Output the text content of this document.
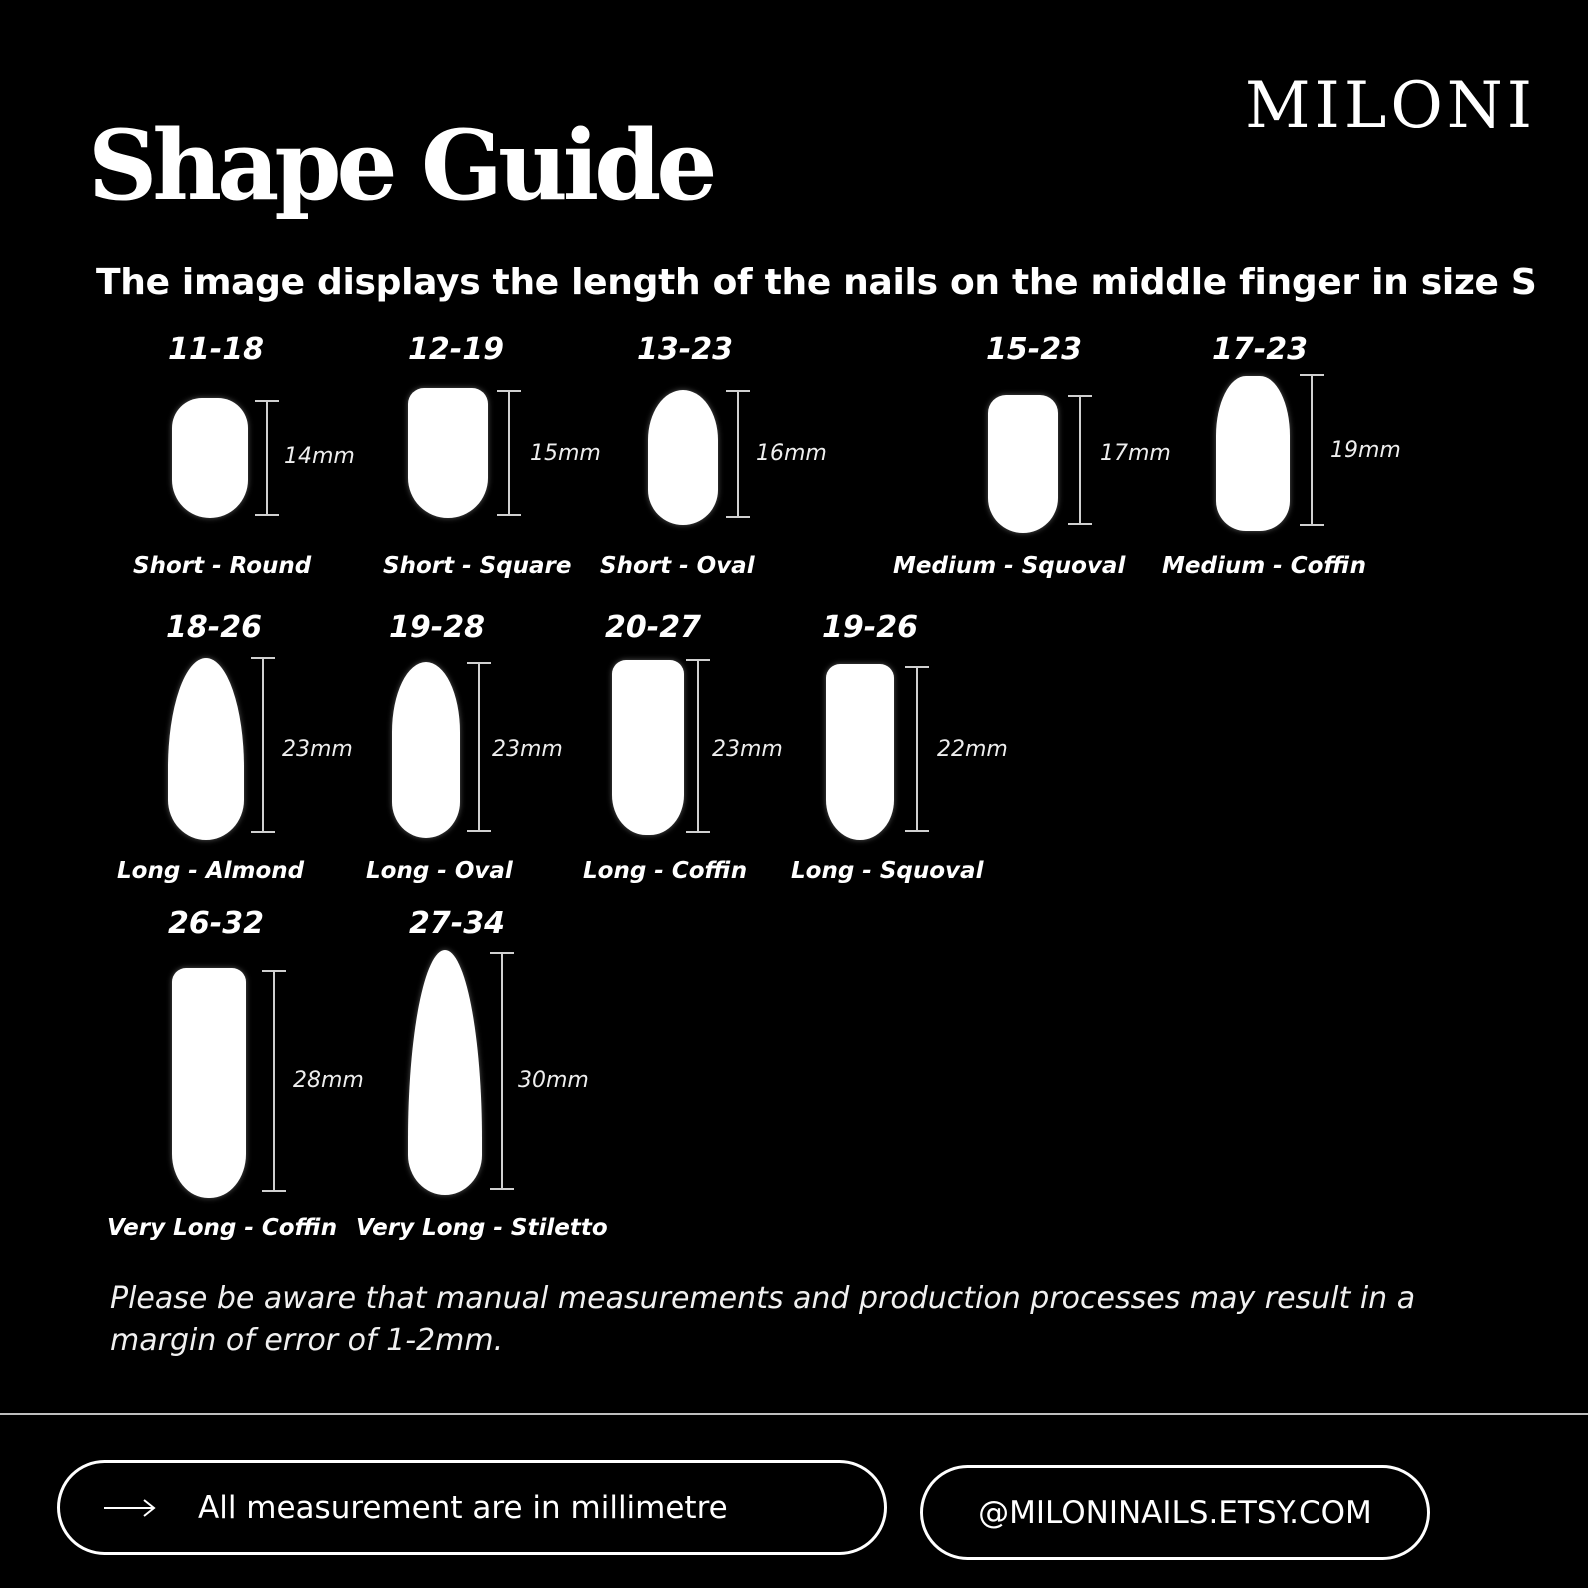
MILONI
Shape Guide

The image displays the length of the nails on the middle finger in size S

11-18
14mm
Short - Round
12-19
15mm
Short - Square
13-23
16mm
Short - Oval
15-23
17mm
Medium - Squoval
17-23
19mm
Medium - Coffin
18-26
23mm
Long - Almond
19-28
23mm
Long - Oval
20-27
23mm
Long - Coffin
19-26
22mm
Long - Squoval
26-32
28mm
Very Long - Coffin
27-34
30mm
Very Long - Stiletto

Please be aware that manual measurements and production processes may result in a margin of error of 1-2mm.

All measurement are in millimetre	@MILONINAILS.ETSY.COM
